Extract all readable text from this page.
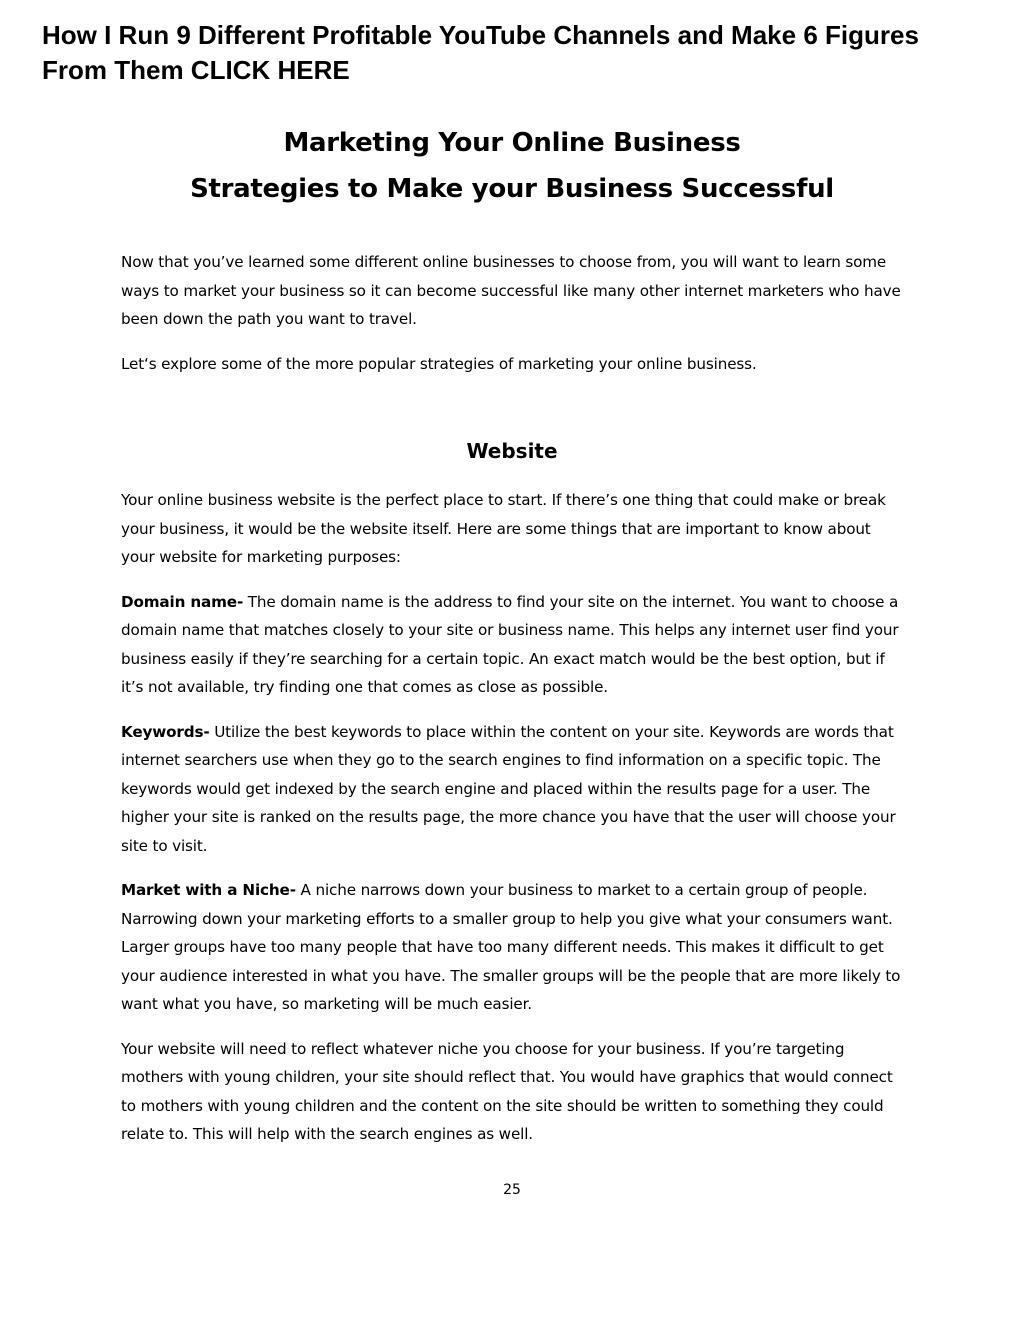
How I Run 9 Different Profitable YouTube Channels and Make 6 Figures From Them CLICK HERE
Marketing Your Online Business
Strategies to Make your Business Successful

Now that you’ve learned some different online businesses to choose from, you will want to learn some ways to market your business so it can become successful like many other internet marketers who have been down the path you want to travel.

Let‘s explore some of the more popular strategies of marketing your online business.

Website

Your online business website is the perfect place to start. If there’s one thing that could make or break your business, it would be the website itself. Here are some things that are important to know about your website for marketing purposes:

Domain name- The domain name is the address to find your site on the internet. You want to choose a domain name that matches closely to your site or business name. This helps any internet user find your business easily if they’re searching for a certain topic. An exact match would be the best option, but if it’s not available, try finding one that comes as close as possible.

Keywords- Utilize the best keywords to place within the content on your site. Keywords are words that internet searchers use when they go to the search engines to find information on a specific topic. The keywords would get indexed by the search engine and placed within the results page for a user. The higher your site is ranked on the results page, the more chance you have that the user will choose your site to visit.

Market with a Niche- A niche narrows down your business to market to a certain group of people. Narrowing down your marketing efforts to a smaller group to help you give what your consumers want. Larger groups have too many people that have too many different needs. This makes it difficult to get your audience interested in what you have. The smaller groups will be the people that are more likely to want what you have, so marketing will be much easier.

Your website will need to reflect whatever niche you choose for your business. If you’re targeting mothers with young children, your site should reflect that. You would have graphics that would connect to mothers with young children and the content on the site should be written to something they could relate to. This will help with the search engines as well.

25
